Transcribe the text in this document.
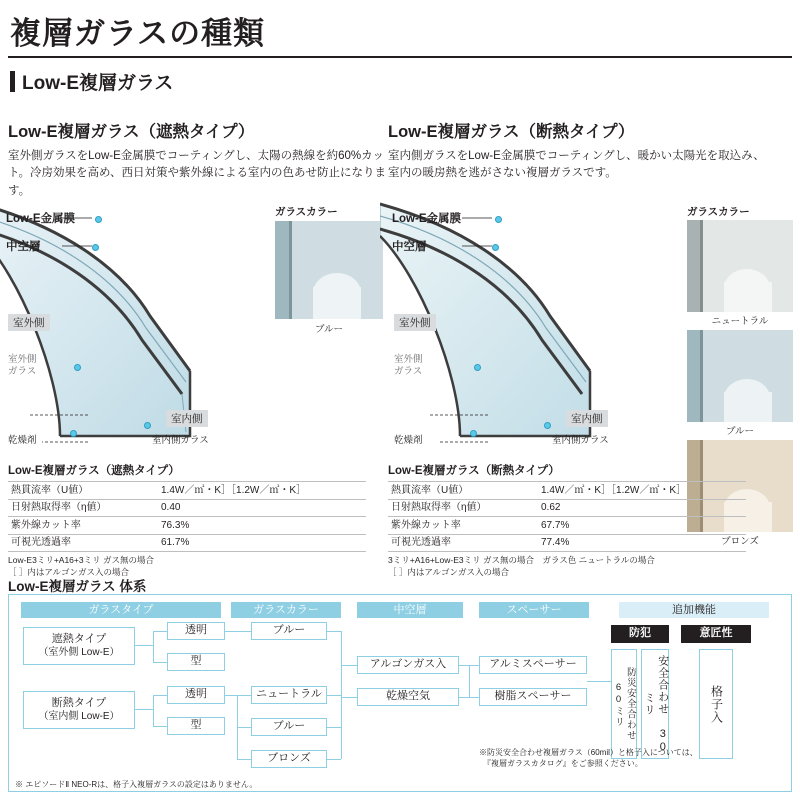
複層ガラスの種類
Low-E複層ガラス
Low-E複層ガラス（遮熱タイプ）
室外側ガラスをLow-E金属膜でコーティングし、太陽の熱線を約60%カット。冷房効果を高め、西日対策や紫外線による室内の色あせ防止になります。
Low-E複層ガラス（断熱タイプ）
室内側ガラスをLow-E金属膜でコーティングし、暖かい太陽光を取込み、室内の暖房熱を逃がさない複層ガラスです。
Low-E金属膜
中空層
室外側
室外側
ガラス
室内側
乾燥剤	室内側ガラス
ガラスカラー
ブルー
Low-E金属膜
中空層
室外側
室外側
ガラス
室内側
乾燥剤	室内側ガラス
ガラスカラー
ニュートラル
ブルー
ブロンズ
Low-E複層ガラス（遮熱タイプ）
熱貫流率（U値）	1.4W／㎡・K］［1.2W／㎡・K］
日射熱取得率（η値）	0.40
紫外線カット率	76.3%
可視光透過率	61.7%
Low-E3ミリ+A16+3ミリ ガス無の場合
［ ］内はアルゴンガス入の場合
Low-E複層ガラス（断熱タイプ）
熱貫流率（U値）	1.4W／㎡・K］［1.2W／㎡・K］
日射熱取得率（η値）	0.62
紫外線カット率	67.7%
可視光透過率	77.4%
3ミリ+A16+Low-E3ミリ ガス無の場合　ガラス色 ニュートラルの場合
［ ］内はアルゴンガス入の場合
Low-E複層ガラス 体系
ガラスタイプ	ガラスカラー	中空層	スペーサー	追加機能
遮熱タイプ
（室外側 Low-E）
断熱タイプ
（室内側 Low-E）
透明
型
透明
型
ブルー
ニュートラル
ブルー
ブロンズ
アルゴンガス入
乾燥空気
アルミスペーサー
樹脂スペーサー
防犯	意匠性
防災安全合わせ 60ミリ	安全合わせ 30ミリ	格子入
※防災安全合わせ複層ガラス（60mil）と格子入については、
　『複層ガラスカタログ』をご参照ください。
※ エピソードⅡ NEO-Rは、格子入複層ガラスの設定はありません。
